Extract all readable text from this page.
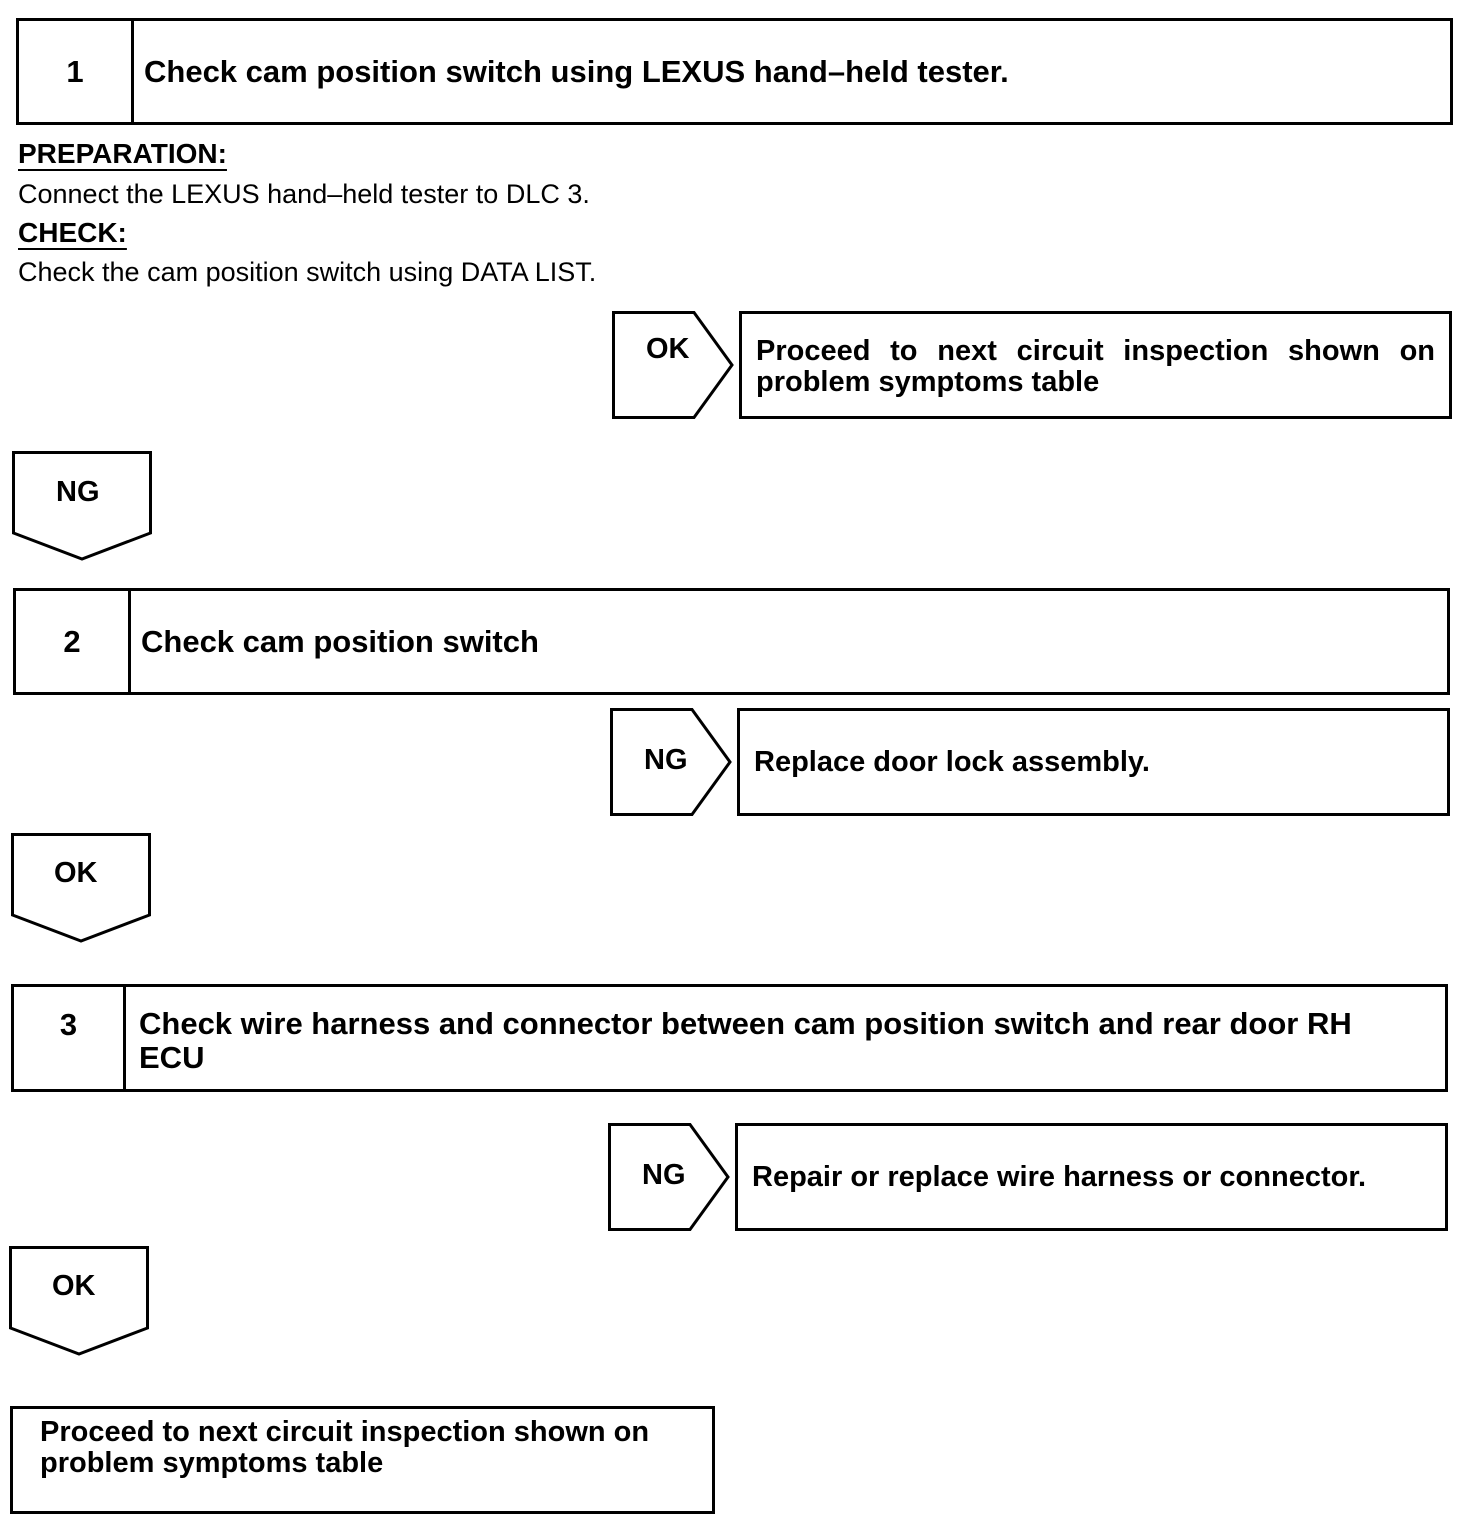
1	Check cam position switch using LEXUS hand–held tester.
PREPARATION:
Connect the LEXUS hand–held tester to DLC 3.
CHECK:
Check the cam position switch using DATA LIST.
OK Proceed to next circuit inspection shown on problem symptoms table
NG
2	Check cam position switch
NG Replace door lock assembly.
OK
3	Check wire harness and connector between cam position switch and rear door RH ECU
NG Repair or replace wire harness or connector.
OK
Proceed to next circuit inspection shown on problem symptoms table
